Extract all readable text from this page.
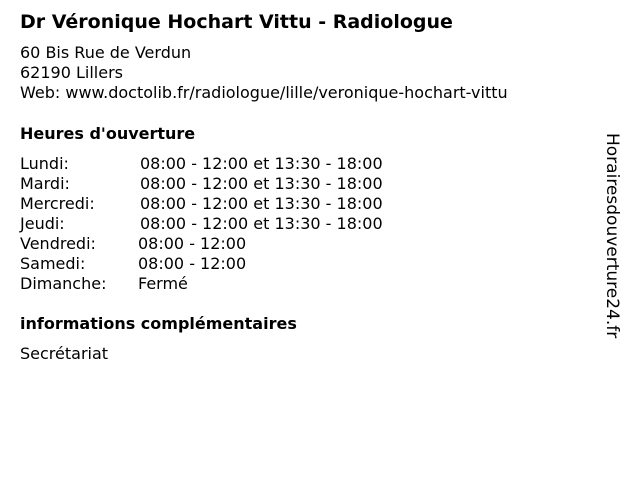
Dr Véronique Hochart Vittu - Radiologue
60 Bis Rue de Verdun
62190 Lillers
Web: www.doctolib.fr/radiologue/lille/veronique-hochart-vittu
Heures d'ouverture
Lundi:	08:00 - 12:00 et 13:30 - 18:00
Mardi:	08:00 - 12:00 et 13:30 - 18:00
Mercredi:	08:00 - 12:00 et 13:30 - 18:00
Jeudi:	08:00 - 12:00 et 13:30 - 18:00
Vendredi:	08:00 - 12:00
Samedi:	08:00 - 12:00
Dimanche: Fermé
informations complémentaires
Secrétariat
Horairesdouverture24.fr
